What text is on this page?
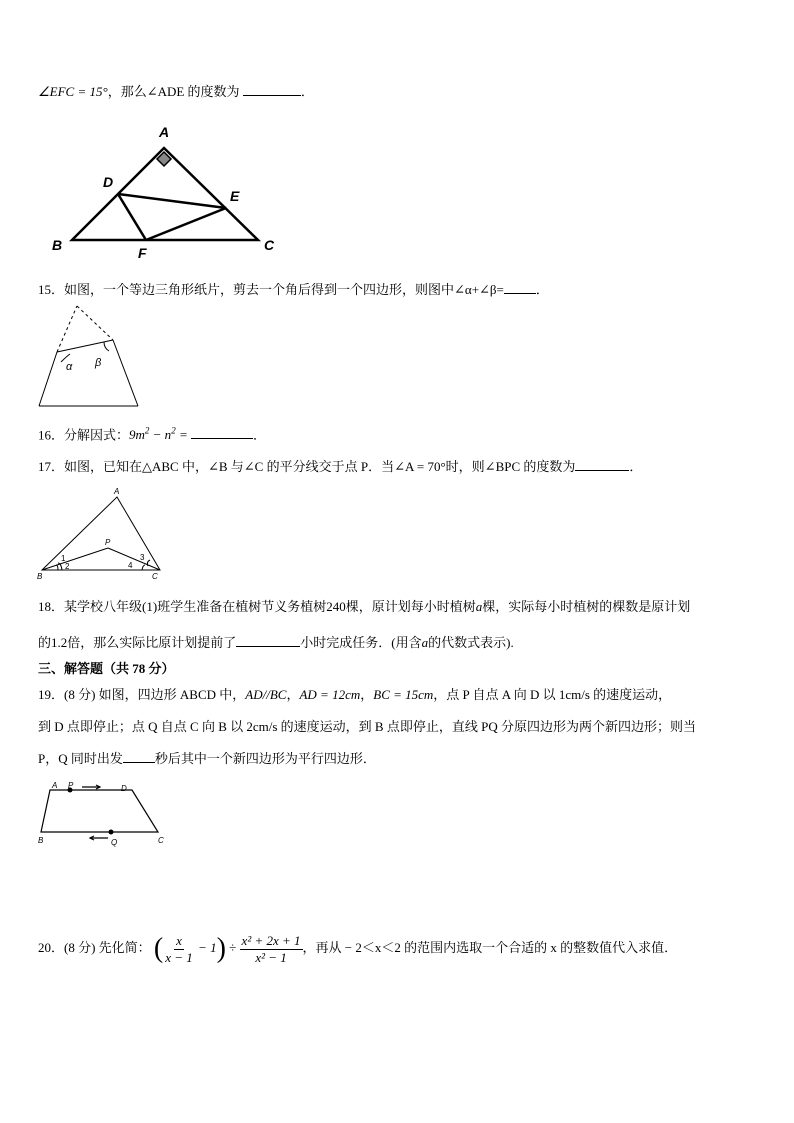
∠EFC = 15°，那么∠ADE 的度数为	．
A
B	C
D
E
F
15．如图，一个等边三角形纸片，剪去一个角后得到一个四边形，则图中∠α+∠β= ．
α β
16．分解因式：$9m^2 - n^2$ =	．
17．如图，已知在△ABC 中，∠B 与∠C 的平分线交于点 P．当∠A = 70°时，则∠BPC 的度数为	．
A
B	C
P
1
2
3
4
18．某学校八年级(1)班学生准备在植树节义务植树240棵，原计划每小时植树a棵，实际每小时植树的棵数是原计划
的1.2倍，那么实际比原计划提前了	小时完成任务．(用含a的代数式表示).
三、解答题（共 78 分）
19．(8 分) 如图，四边形 ABCD 中，AD//BC，AD = 12cm，BC = 15cm，点 P 自点 A 向 D 以 1cm/s 的速度运动，
到 D 点即停止；点 Q 自点 C 向 B 以 2cm/s 的速度运动，到 B 点即停止，直线 PQ 分原四边形为两个新四边形；则当
P，Q 同时出发 秒后其中一个新四边形为平行四边形．
A	D
B	C
P
Q
20．(8 分) 先化简： ( $\frac{x}{x - 1} - 1) \div \frac{\text{x² + 2x + 1}}{\text{x² − 1}}$ ，再从 − 2＜x＜2 的范围内选取一个合适的 x 的整数值代入求值．
